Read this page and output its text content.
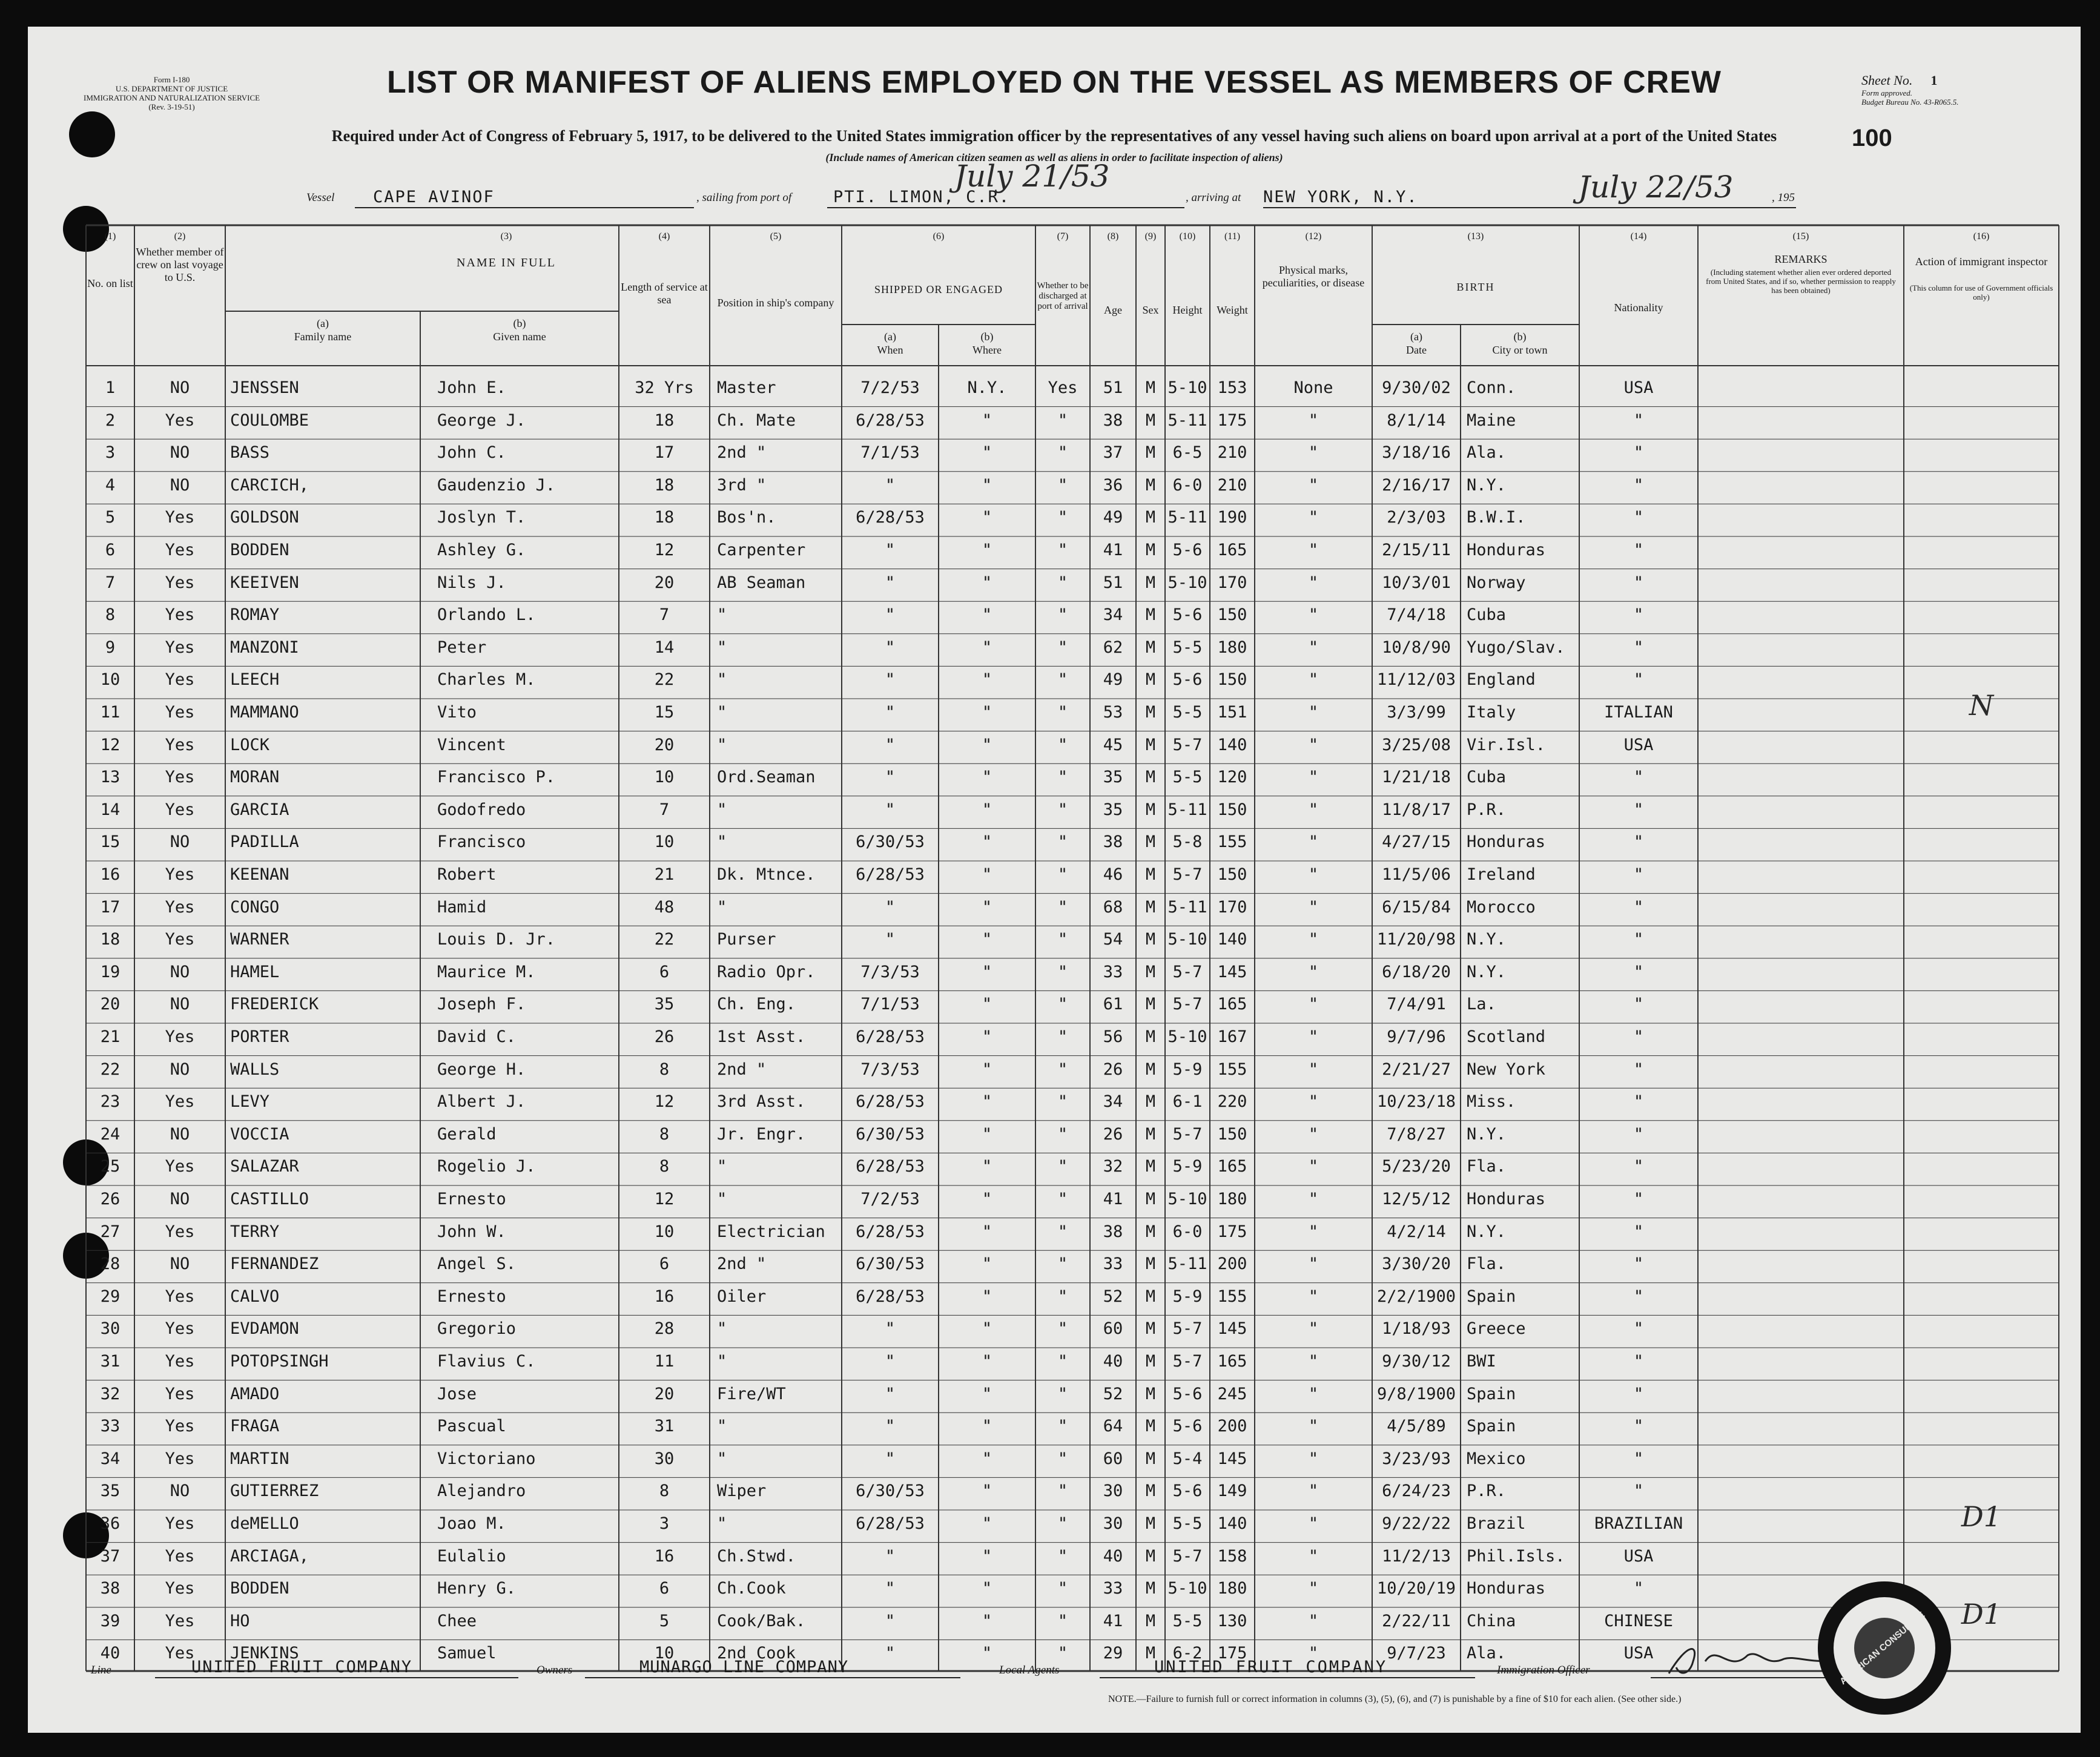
Form I-180
U.S. DEPARTMENT OF JUSTICE
IMMIGRATION AND NATURALIZATION SERVICE
(Rev. 3-19-51)
LIST OR MANIFEST OF ALIENS EMPLOYED ON THE VESSEL AS MEMBERS OF CREW	Sheet No. 1
Form approved.
Budget Bureau No. 43-R065.5.
Required under Act of Congress of February 5, 1917, to be delivered to the United States immigration officer by the representatives of any vessel having such aliens on board upon arrival at a port of the United States
(Include names of American citizen seamen as well as aliens in order to facilitate inspection of aliens)
100
Vessel CAPE AVINOF	, sailing from port of	PTI. LIMON, C.R.
July 21/53
, arriving at NEW YORK, N.Y.	July 22/53	, 195
(1)
No. on list
(2)
Whether member of crew on last voyage to U.S.
(3)
NAME IN FULL
(a)
Family name
(b)
Given name
(4)
Length of service at sea
(5)
Position in ship's company
(6)
SHIPPED OR ENGAGED
(a)
When
(b)
Where
(7)
Whether to be discharged at port of arrival
(8)
Age
(9)
Sex
(10)
Height
(11)
Weight
(12)
Physical marks, peculiarities, or disease
(13)
BIRTH
(a)
Date
(b)
City or town
(14)
Nationality
(15)
REMARKS
(Including statement whether alien ever ordered deported from United States, and if so, whether permission to reapply has been obtained)
(16)
Action of immigrant inspector
(This column for use of Government officials only)
1	NO	JENSSEN	John E.	32 Yrs	Master	7/2/53	N.Y.	Yes	51	M 5-10 153	None	9/30/02 Conn.	USA
2	Yes	COULOMBE	George J.	18	Ch. Mate	6/28/53	"	"	38	M 5-11 175	"	8/1/14	Maine	"
3	NO	BASS	John C.	17	2nd "	7/1/53	"	"	37	M	6-5 210	"	3/18/16 Ala.	"
4	NO	CARCICH,	Gaudenzio J.	18	3rd "	"	"	"	36	M	6-0 210	"	2/16/17 N.Y.	"
5	Yes	GOLDSON	Joslyn T.	18	Bos'n.	6/28/53	"	"	49	M 5-11 190	"	2/3/03	B.W.I.	"
6	Yes	BODDEN	Ashley G.	12	Carpenter	"	"	"	41	M	5-6 165	"	2/15/11 Honduras	"
7	Yes	KEEIVEN	Nils J.	20	AB Seaman	"	"	"	51	M 5-10 170	"	10/3/01 Norway	"
8	Yes	ROMAY	Orlando L.	7	"	"	"	"	34	M	5-6 150	"	7/4/18	Cuba	"
9	Yes	MANZONI	Peter	14	"	"	"	"	62	M	5-5 180	"	10/8/90 Yugo/Slav.	"
10	Yes	LEECH	Charles M.	22	"	"	"	"	49	M	5-6 150	"	11/12/03 England	"
11	Yes	MAMMANO	Vito	15	"	"	"	"	53	M	5-5 151	"	3/3/99	Italy	ITALIAN	N
12	Yes	LOCK	Vincent	20	"	"	"	"	45	M	5-7 140	"	3/25/08 Vir.Isl.	USA
13	Yes	MORAN	Francisco P.	10	Ord.Seaman	"	"	"	35	M	5-5 120	"	1/21/18 Cuba	"
14	Yes	GARCIA	Godofredo	7	"	"	"	"	35	M 5-11 150	"	11/8/17 P.R.	"
15	NO	PADILLA	Francisco	10	"	6/30/53	"	"	38	M	5-8 155	"	4/27/15 Honduras	"
16	Yes	KEENAN	Robert	21	Dk. Mtnce.	6/28/53	"	"	46	M	5-7 150	"	11/5/06 Ireland	"
17	Yes	CONGO	Hamid	48	"	"	"	"	68	M 5-11 170	"	6/15/84 Morocco	"
18	Yes	WARNER	Louis D. Jr.	22	Purser	"	"	"	54	M 5-10 140	"	11/20/98 N.Y.	"
19	NO	HAMEL	Maurice M.	6	Radio Opr.	7/3/53	"	"	33	M	5-7 145	"	6/18/20 N.Y.	"
20	NO	FREDERICK	Joseph F.	35	Ch. Eng.	7/1/53	"	"	61	M	5-7 165	"	7/4/91	La.	"
21	Yes	PORTER	David C.	26	1st Asst.	6/28/53	"	"	56	M 5-10 167	"	9/7/96	Scotland	"
22	NO	WALLS	George H.	8	2nd "	7/3/53	"	"	26	M	5-9 155	"	2/21/27 New York	"
23	Yes	LEVY	Albert J.	12	3rd Asst.	6/28/53	"	"	34	M	6-1 220	"	10/23/18 Miss.	"
24	NO	VOCCIA	Gerald	8	Jr. Engr.	6/30/53	"	"	26	M	5-7 150	"	7/8/27	N.Y.	"
25	Yes	SALAZAR	Rogelio J.	8	"	6/28/53	"	"	32	M	5-9 165	"	5/23/20 Fla.	"
26	NO	CASTILLO	Ernesto	12	"	7/2/53	"	"	41	M 5-10 180	"	12/5/12 Honduras	"
27	Yes	TERRY	John W.	10	Electrician	6/28/53	"	"	38	M	6-0 175	"	4/2/14	N.Y.	"
28	NO	FERNANDEZ	Angel S.	6	2nd "	6/30/53	"	"	33	M 5-11 200	"	3/30/20 Fla.	"
29	Yes	CALVO	Ernesto	16	Oiler	6/28/53	"	"	52	M	5-9 155	"	2/2/1900 Spain	"
30	Yes	EVDAMON	Gregorio	28	"	"	"	"	60	M	5-7 145	"	1/18/93 Greece	"
31	Yes	POTOPSINGH	Flavius C.	11	"	"	"	"	40	M	5-7 165	"	9/30/12 BWI	"
32	Yes	AMADO	Jose	20	Fire/WT	"	"	"	52	M	5-6 245	"	9/8/1900 Spain	"
33	Yes	FRAGA	Pascual	31	"	"	"	"	64	M	5-6 200	"	4/5/89	Spain	"
34	Yes	MARTIN	Victoriano	30	"	"	"	"	60	M	5-4 145	"	3/23/93 Mexico	"
35	NO	GUTIERREZ	Alejandro	8	Wiper	6/30/53	"	"	30	M	5-6 149	"	6/24/23 P.R.	"
36	Yes	deMELLO	Joao M.	3	"	6/28/53	"	"	30	M	5-5 140	"	9/22/22 Brazil	BRAZILIAN	D1
37	Yes	ARCIAGA,	Eulalio	16	Ch.Stwd.	"	"	"	40	M	5-7 158	"	11/2/13 Phil.Isls.	USA
38	Yes	BODDEN	Henry G.	6	Ch.Cook	"	"	"	33	M 5-10 180	"	10/20/19 Honduras	"
39	Yes	HO	Chee	5	Cook/Bak.	"	"	"	41	M	5-5 130	"	2/22/11 China	CHINESE	D1
40	Yes	JENKINS	Samuel	10	2nd Cook	"	"	"	29	M	6-2 175	"	9/7/23	Ala.	USA
Line	UNITED FRUIT COMPANY	Owners	MUNARGO LINE COMPANY	Local Agents	UNITED FRUIT COMPANY	Immigration Officer
NOTE.—Failure to furnish full or correct information in columns (3), (5), (6), and (7) is punishable by a fine of $10 for each alien. (See other side.)
AMERICAN CONSULATE
